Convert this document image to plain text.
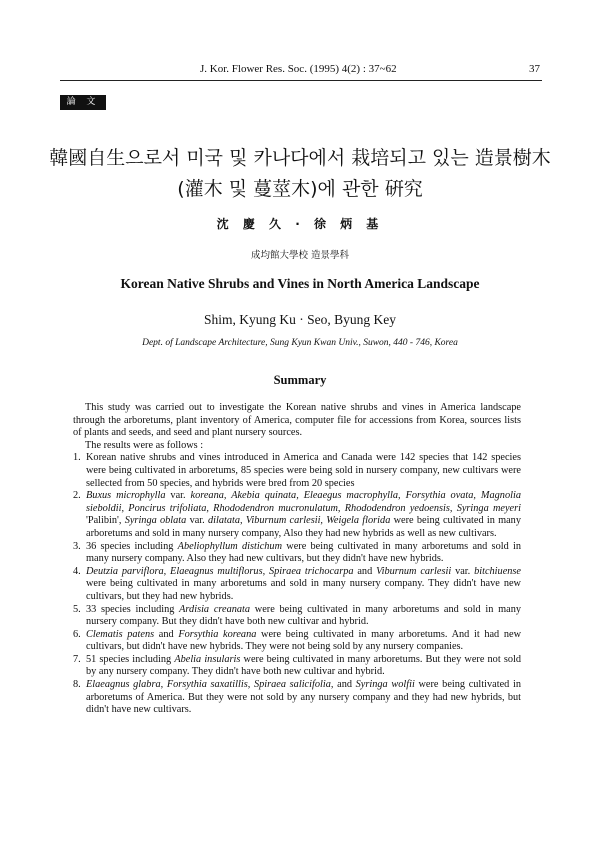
J. Kor. Flower Res. Soc. (1995) 4(2) : 37~62	37
論 文
韓國自生으로서 미국 및 카나다에서 栽培되고 있는 造景樹木
(灌木 및 蔓莖木)에 관한 硏究
沈 慶 久 · 徐 炳 基
成均館大學校 造景學科
Korean Native Shrubs and Vines in North America Landscape
Shim, Kyung Ku · Seo, Byung Key
Dept. of Landscape Architecture, Sung Kyun Kwan Univ., Suwon, 440 - 746, Korea
Summary

This study was carried out to investigate the Korean native shrubs and vines in America landscape through the arboretums, plant inventory of America, computer file for accessions from Korea, sources lists of plants and seeds, and seed and plant nursery sources.

The results were as follows :

1. Korean native shrubs and vines introduced in America and Canada were 142 species that 142 species were being cultivated in arboretums, 85 species were being sold in nursery company, new cultivars were sellected from 50 species, and hybrids were bred from 20 species
2. Buxus microphylla var. koreana, Akebia quinata, Eleaegus macrophylla, Forsythia ovata, Magnolia sieboldii, Poncirus trifoliata, Rhododendron mucronulatum, Rhododendron yedoensis, Syringa meyeri 'Palibin', Syringa oblata var. dilatata, Viburnum carlesii, Weigela florida were being cultivated in many arboretums and sold in many nursery company, Also they had new hybrids as well as new cultivars.
3. 36 species including Abeliophyllum distichum were being cultivated in many arboretums and sold in many nursery company. Also they had new cultivars, but they didn't have new hybrids.
4. Deutzia parviflora, Elaeagnus multiflorus, Spiraea trichocarpa and Viburnum carlesii var. bitchiuense were being cultivated in many arboretums and sold in many nursery company. They didn't have new cultivars, but they had new hybrids.
5. 33 species including Ardisia creanata were being cultivated in many arboretums and sold in many nursery company. But they didn't have both new cultivar and hybrid.
6. Clematis patens and Forsythia koreana were being cultivated in many arboretums. And it had new cultivars, but didn't have new hybrids. They were not being sold by any nursery companies.
7. 51 species including Abelia insularis were being cultivated in many arboretums. But they were not sold by any nursery company. They didn't have both new cultivar and hybrid.
8. Elaeagnus glabra, Forsythia saxatillis, Spiraea salicifolia, and Syringa wolfii were being cultivated in arboretums of America. But they were not sold by any nursery company and they had new hybrids, but didn't have new cultivars.
